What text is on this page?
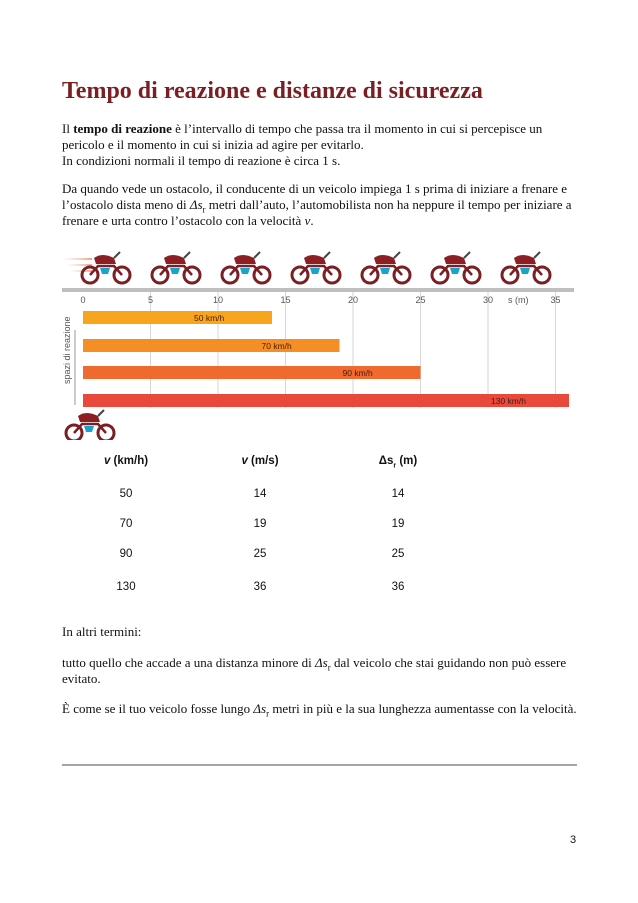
Tempo di reazione e distanze di sicurezza

Il tempo di reazione è l’intervallo di tempo che passa tra il momento in cui si percepisce un

pericolo e il momento in cui si inizia ad agire per evitarlo.

In condizioni normali il tempo di reazione è circa 1 s.

Da quando vede un ostacolo, il conducente di un veicolo impiega 1 s prima di iniziare a frenare e

l’ostacolo dista meno di $\Delta s_r$ metri dall’auto, l’automobilista non ha neppure il tempo per iniziare a

frenare e urta contro l’ostacolo con la velocità v.

spazi di reazione
0	5	10	15	20	25	30	35
s (m)
50 km/h
70 km/h
90 km/h
130 km/h
v (km/h)	v (m/s)	$\Delta s_r$ (m)
50	14	14
70	19	19
90	25	25
130	36	36

In altri termini:

tutto quello che accade a una distanza minore di $\Delta s_r$ dal veicolo che stai guidando non può essere

evitato.

È come se il tuo veicolo fosse lungo $\Delta s_r$ metri in più e la sua lunghezza aumentasse con la velocità.

3
